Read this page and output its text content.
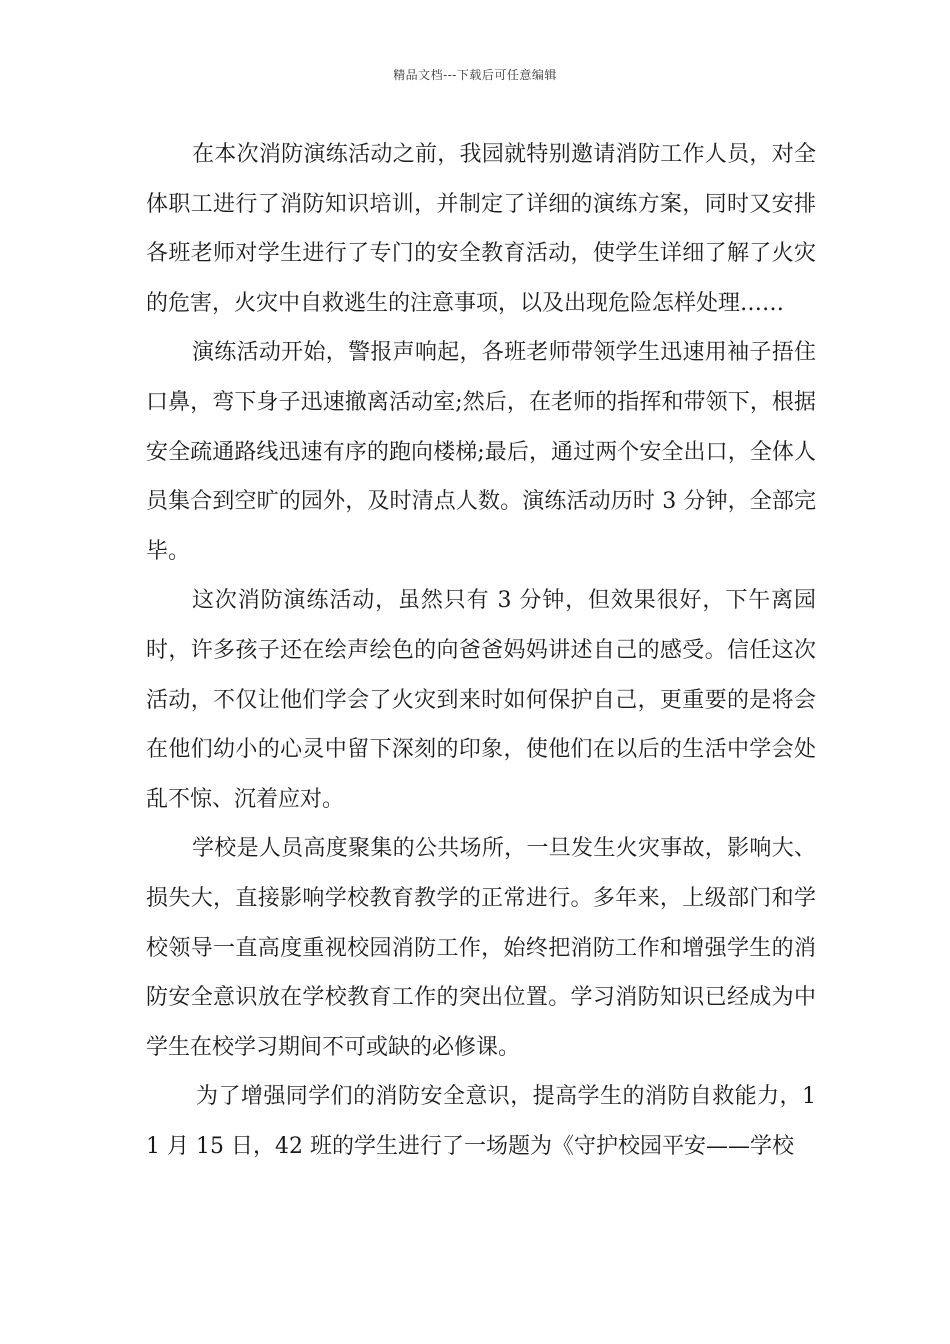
精品文档---下载后可任意编辑

在本次消防演练活动之前，我园就特别邀请消防工作人员，对全体职工进行了消防知识培训，并制定了详细的演练方案，同时又安排各班老师对学生进行了专门的安全教育活动，使学生详细了解了火灾的危害，火灾中自救逃生的注意事项，以及出现危险怎样处理……

演练活动开始，警报声响起，各班老师带领学生迅速用袖子捂住口鼻，弯下身子迅速撤离活动室;然后，在老师的指挥和带领下，根据安全疏通路线迅速有序的跑向楼梯;最后，通过两个安全出口，全体人员集合到空旷的园外，及时清点人数。演练活动历时 3 分钟，全部完毕。

这次消防演练活动，虽然只有 3 分钟，但效果很好，下午离园时，许多孩子还在绘声绘色的向爸爸妈妈讲述自己的感受。信任这次活动，不仅让他们学会了火灾到来时如何保护自己，更重要的是将会在他们幼小的心灵中留下深刻的印象，使他们在以后的生活中学会处乱不惊、沉着应对。

学校是人员高度聚集的公共场所，一旦发生火灾事故，影响大、损失大，直接影响学校教育教学的正常进行。多年来，上级部门和学校领导一直高度重视校园消防工作，始终把消防工作和增强学生的消防安全意识放在学校教育工作的突出位置。学习消防知识已经成为中学生在校学习期间不可或缺的必修课。

为了增强同学们的消防安全意识，提高学生的消防自救能力，11 月 15 日，42 班的学生进行了一场题为《守护校园平安——学校
